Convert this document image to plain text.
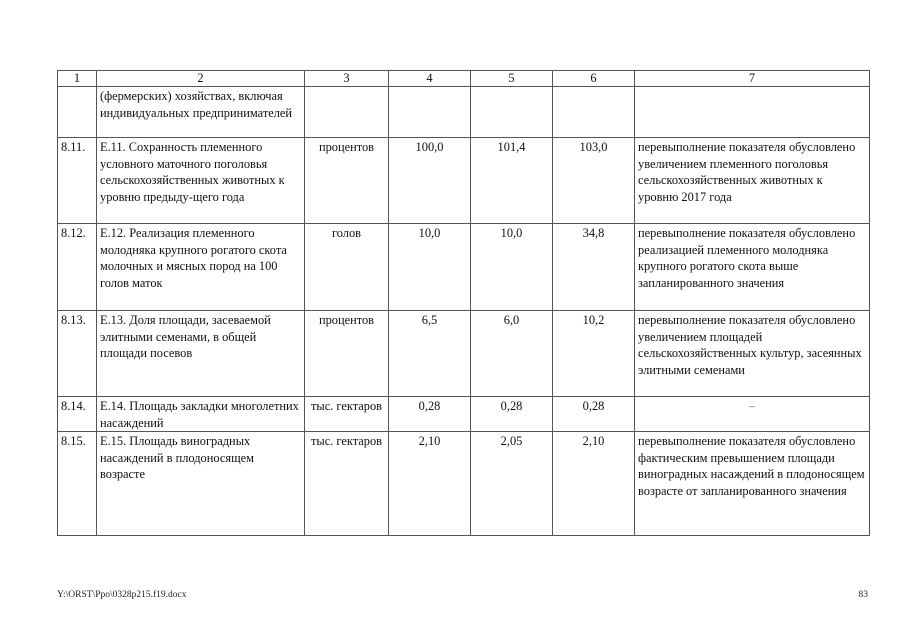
1	2	3	4	5	6	7
	(фермерских) хозяйствах, включая индивидуальных предпринимателей					
8.11.	Е.11. Сохранность племенного условного маточного поголовья сельскохозяйственных животных к уровню предыду-щего года	процентов	100,0	101,4	103,0	перевыполнение показателя обусловлено увеличением племенного поголовья сельскохозяйственных животных к уровню 2017 года
8.12.	Е.12. Реализация племенного молодняка крупного рогатого скота молочных и мясных пород на 100 голов маток	голов	10,0	10,0	34,8	перевыполнение показателя обусловлено реализацией племенного молодняка крупного рогатого скота выше запланированного значения
8.13.	Е.13. Доля площади, засеваемой элитными семенами, в общей площади посевов	процентов	6,5	6,0	10,2	перевыполнение показателя обусловлено увеличением площадей сельскохозяйственных культур, засеянных элитными семенами
8.14.	Е.14. Площадь закладки многолетних насаждений	тыс. гектаров	0,28	0,28	0,28	–
8.15.	Е.15. Площадь виноградных насаждений в плодоносящем возрасте	тыс. гектаров	2,10	2,05	2,10	перевыполнение показателя обусловлено фактическим превышением площади виноградных насаждений в плодоносящем возрасте от запланированного значения
Y:\ORST\Ppo\0328p215.f19.docx	83
